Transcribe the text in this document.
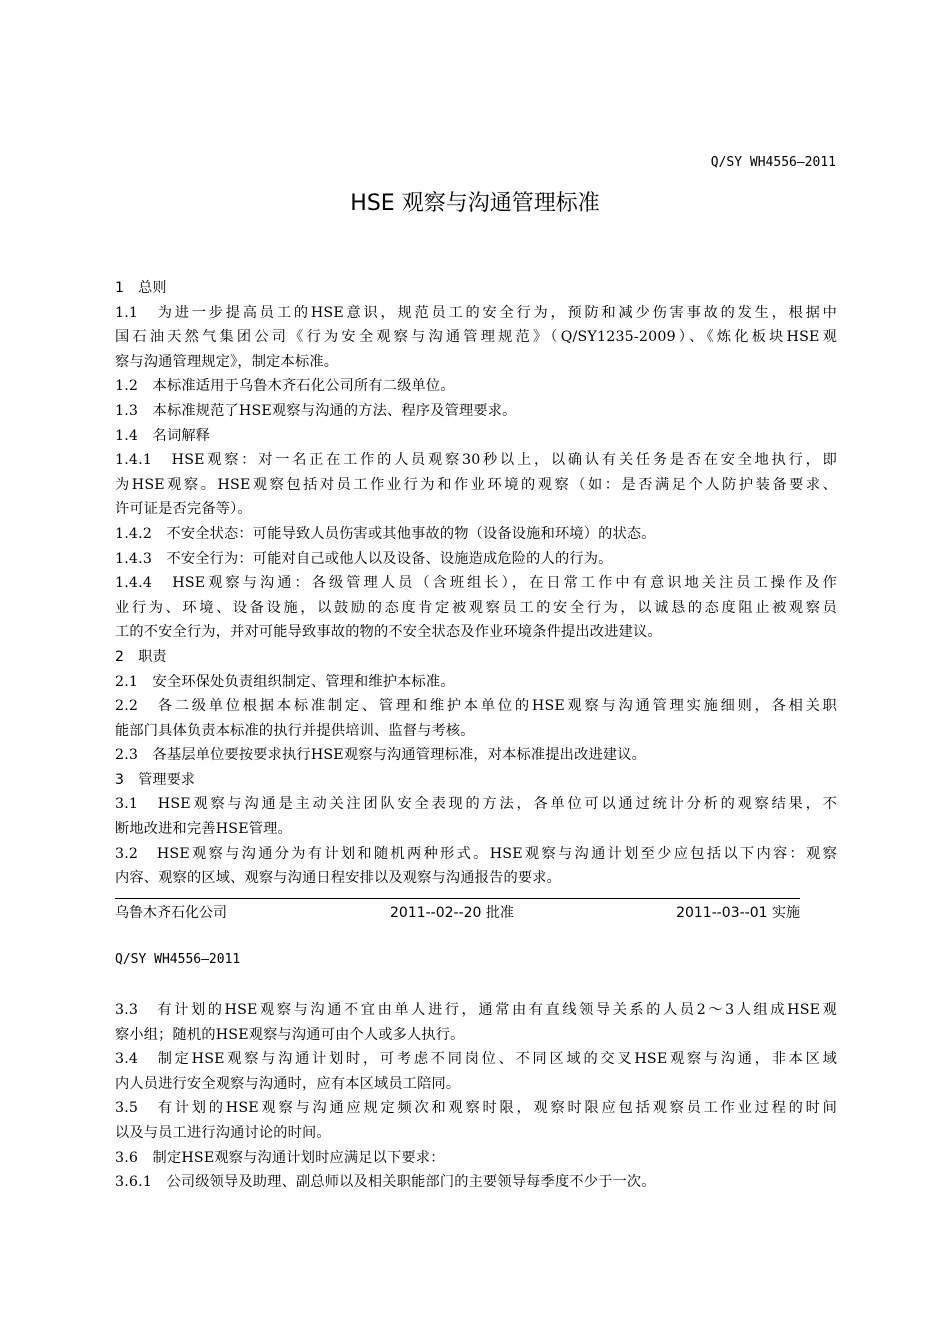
Q/SY WH4556—2011
HSE 观察与沟通管理标准
1　总则
1.1　为进一步提高员工的HSE意识，规范员工的安全行为，预防和减少伤害事故的发生，根据中
国石油天然气集团公司《行为安全观察与沟通管理规范》（Q/SY1235-2009）、《炼化板块HSE观
察与沟通管理规定》，制定本标准。
1.2　本标准适用于乌鲁木齐石化公司所有二级单位。
1.3　本标准规范了HSE观察与沟通的方法、程序及管理要求。
1.4　名词解释
1.4.1　HSE观察：对一名正在工作的人员观察30秒以上，以确认有关任务是否在安全地执行，即
为HSE观察。HSE观察包括对员工作业行为和作业环境的观察（如：是否满足个人防护装备要求、
许可证是否完备等）。
1.4.2　不安全状态：可能导致人员伤害或其他事故的物（设备设施和环境）的状态。
1.4.3　不安全行为：可能对自己或他人以及设备、设施造成危险的人的行为。
1.4.4　HSE观察与沟通：各级管理人员（含班组长），在日常工作中有意识地关注员工操作及作
业行为、环境、设备设施，以鼓励的态度肯定被观察员工的安全行为，以诚恳的态度阻止被观察员
工的不安全行为，并对可能导致事故的物的不安全状态及作业环境条件提出改进建议。
2　职责
2.1　安全环保处负责组织制定、管理和维护本标准。
2.2　各二级单位根据本标准制定、管理和维护本单位的HSE观察与沟通管理实施细则，各相关职
能部门具体负责本标准的执行并提供培训、监督与考核。
2.3　各基层单位要按要求执行HSE观察与沟通管理标准，对本标准提出改进建议。
3　管理要求
3.1　HSE观察与沟通是主动关注团队安全表现的方法，各单位可以通过统计分析的观察结果，不
断地改进和完善HSE管理。
3.2　HSE观察与沟通分为有计划和随机两种形式。HSE观察与沟通计划至少应包括以下内容：观察
内容、观察的区域、观察与沟通日程安排以及观察与沟通报告的要求。
乌鲁木齐石化公司	2011--02--20 批准	2011--03--01 实施
Q/SY WH4556—2011
3.3　有计划的HSE观察与沟通不宜由单人进行，通常由有直线领导关系的人员2～3人组成HSE观
察小组；随机的HSE观察与沟通可由个人或多人执行。
3.4　制定HSE观察与沟通计划时，可考虑不同岗位、不同区域的交叉HSE观察与沟通，非本区域
内人员进行安全观察与沟通时，应有本区域员工陪同。
3.5　有计划的HSE观察与沟通应规定频次和观察时限，观察时限应包括观察员工作业过程的时间
以及与员工进行沟通讨论的时间。
3.6　制定HSE观察与沟通计划时应满足以下要求：
3.6.1　公司级领导及助理、副总师以及相关职能部门的主要领导每季度不少于一次。
